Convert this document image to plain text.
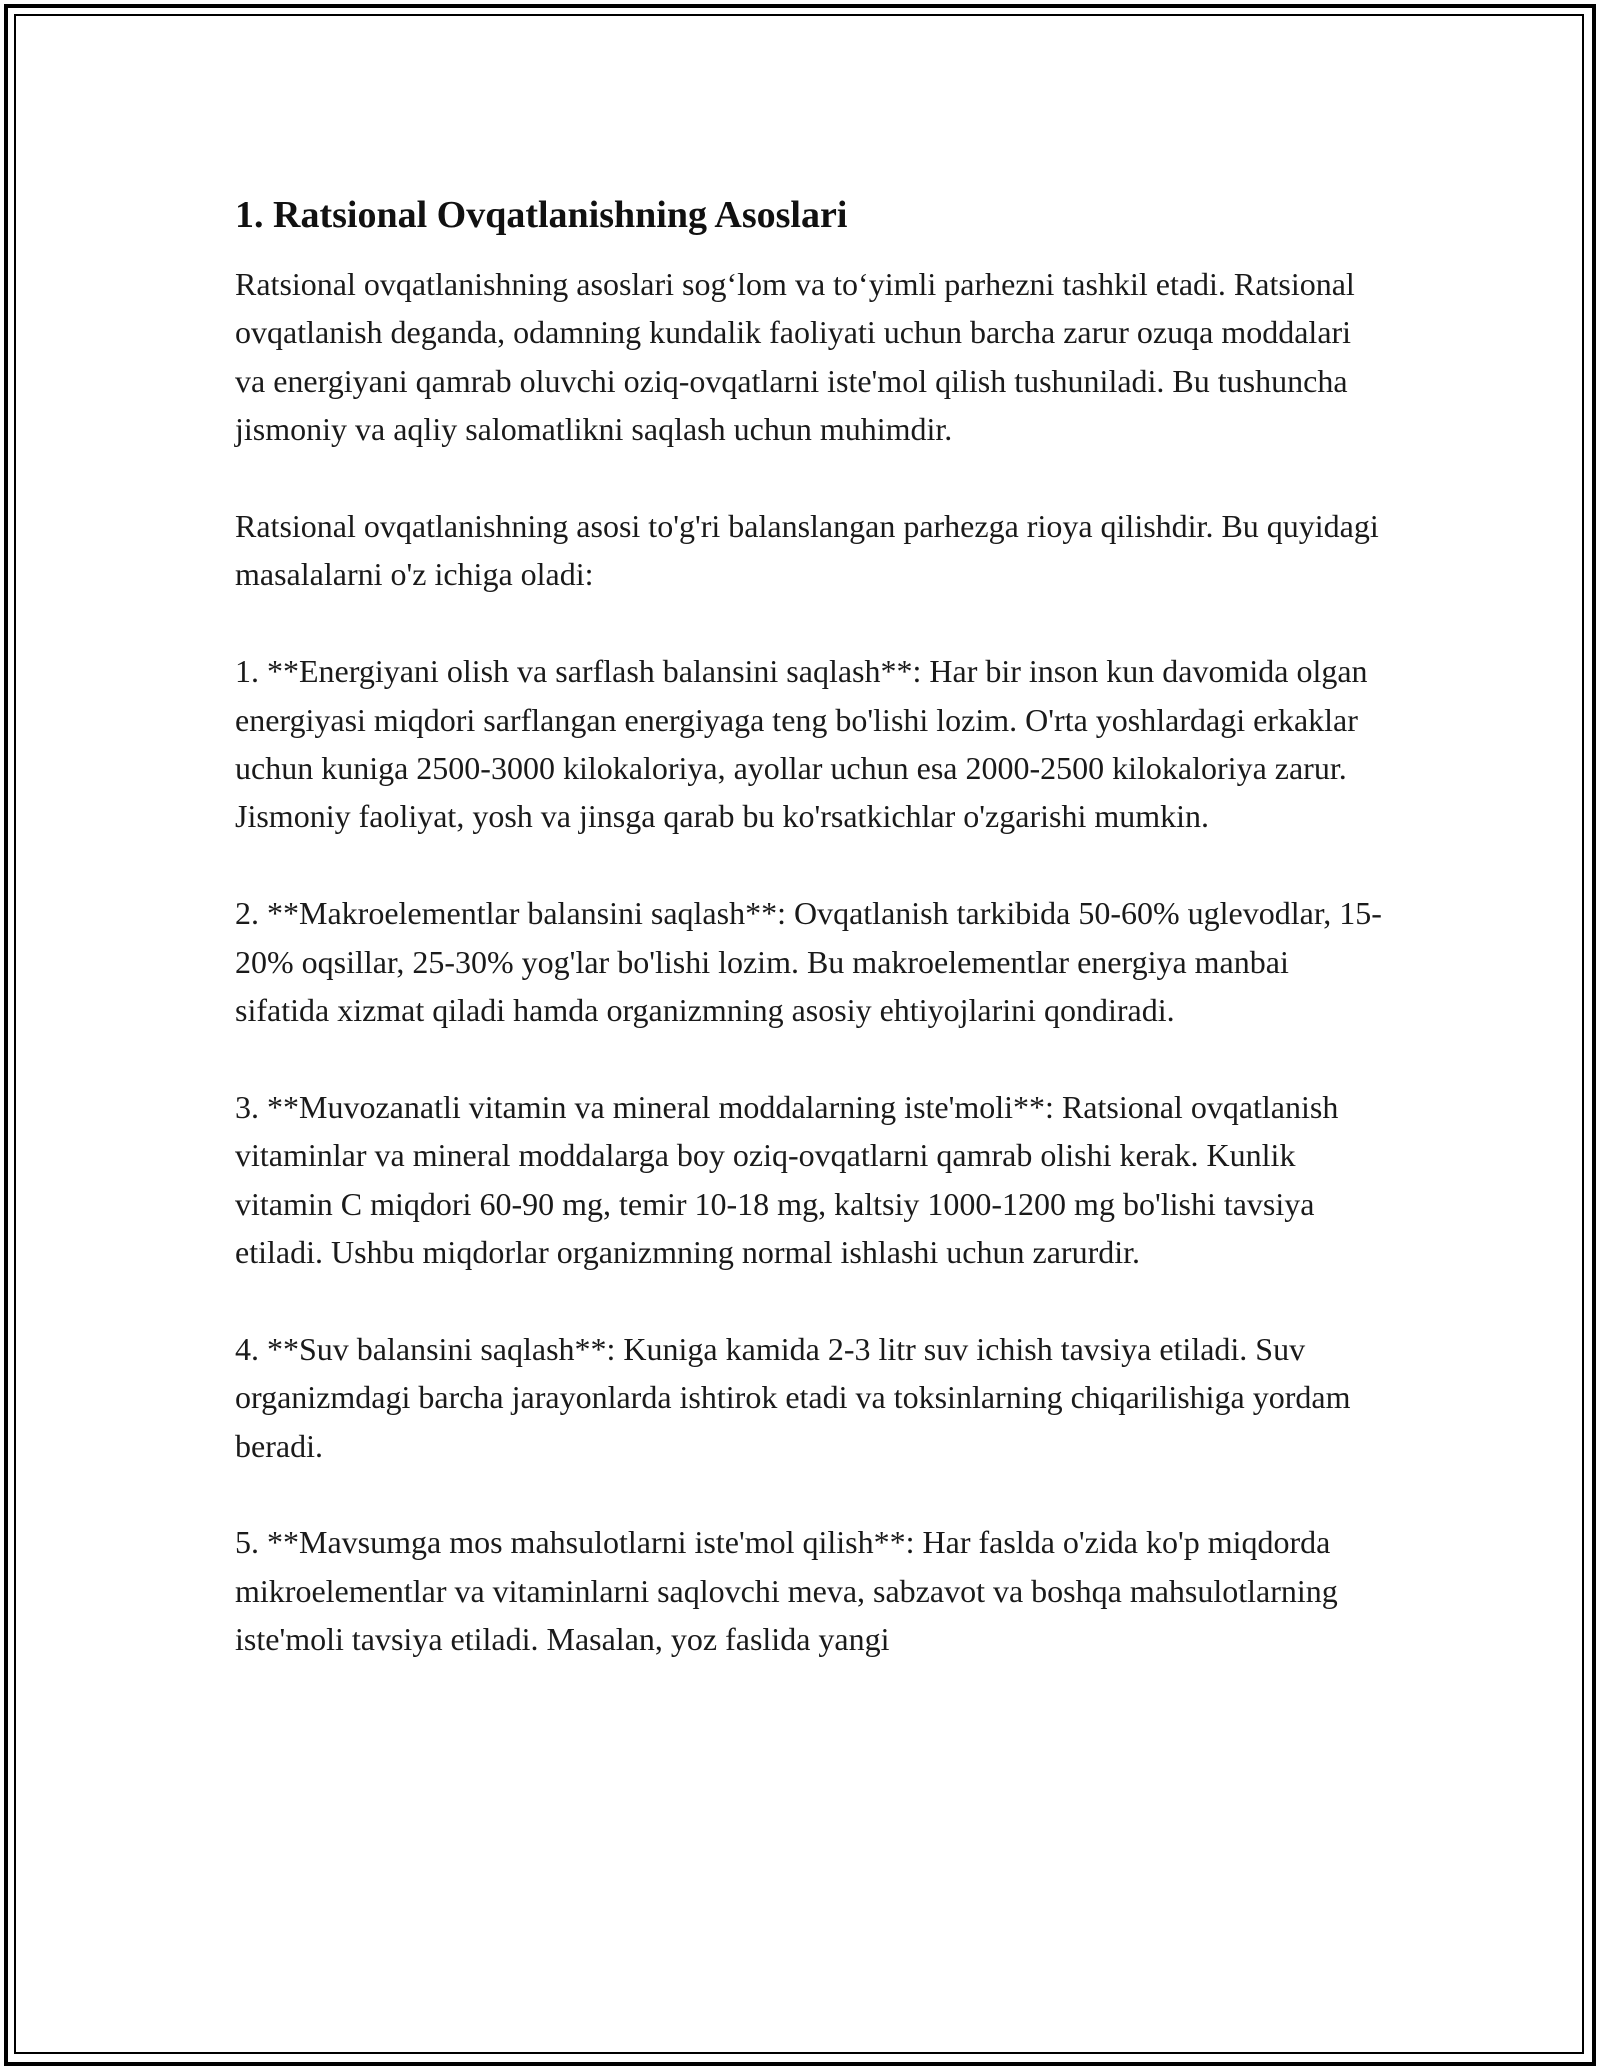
1. Ratsional Ovqatlanishning Asoslari

Ratsional ovqatlanishning asoslari sog‘lom va to‘yimli parhezni tashkil etadi. Ratsional ovqatlanish deganda, odamning kundalik faoliyati uchun barcha zarur ozuqa moddalari va energiyani qamrab oluvchi oziq-ovqatlarni iste'mol qilish tushuniladi. Bu tushuncha jismoniy va aqliy salomatlikni saqlash uchun muhimdir.

Ratsional ovqatlanishning asosi to'g'ri balanslangan parhezga rioya qilishdir. Bu quyidagi masalalarni o'z ichiga oladi:

1. **Energiyani olish va sarflash balansini saqlash**: Har bir inson kun davomida olgan energiyasi miqdori sarflangan energiyaga teng bo'lishi lozim. O'rta yoshlardagi erkaklar uchun kuniga 2500-3000 kilokaloriya, ayollar uchun esa 2000-2500 kilokaloriya zarur. Jismoniy faoliyat, yosh va jinsga qarab bu ko'rsatkichlar o'zgarishi mumkin.

2. **Makroelementlar balansini saqlash**: Ovqatlanish tarkibida 50-60% uglevodlar, 15-20% oqsillar, 25-30% yog'lar bo'lishi lozim. Bu makroelementlar energiya manbai sifatida xizmat qiladi hamda organizmning asosiy ehtiyojlarini qondiradi.

3. **Muvozanatli vitamin va mineral moddalarning iste'moli**: Ratsional ovqatlanish vitaminlar va mineral moddalarga boy oziq-ovqatlarni qamrab olishi kerak. Kunlik vitamin C miqdori 60-90 mg, temir 10-18 mg, kaltsiy 1000-1200 mg bo'lishi tavsiya etiladi. Ushbu miqdorlar organizmning normal ishlashi uchun zarurdir.

4. **Suv balansini saqlash**: Kuniga kamida 2-3 litr suv ichish tavsiya etiladi. Suv organizmdagi barcha jarayonlarda ishtirok etadi va toksinlarning chiqarilishiga yordam beradi.

5. **Mavsumga mos mahsulotlarni iste'mol qilish**: Har faslda o'zida ko'p miqdorda mikroelementlar va vitaminlarni saqlovchi meva, sabzavot va boshqa mahsulotlarning iste'moli tavsiya etiladi. Masalan, yoz faslida yangi
